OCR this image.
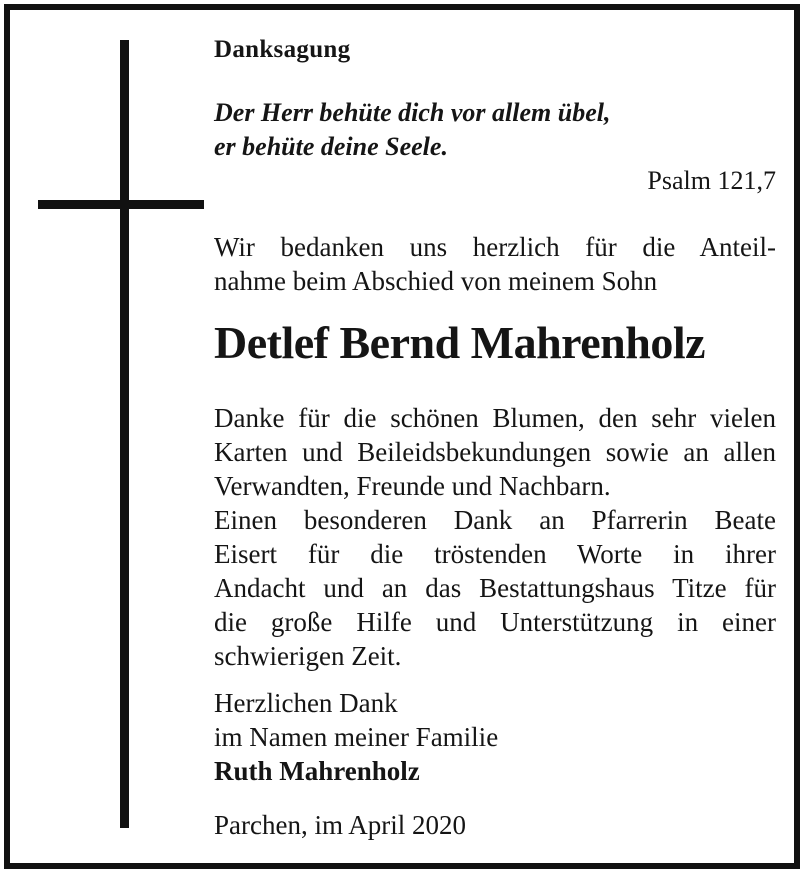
Danksagung
Der Herr behüte dich vor allem übel,
er behüte deine Seele.
Psalm 121,7
Wir bedanken uns herzlich für die Anteil-
nahme beim Abschied von meinem Sohn
Detlef Bernd Mahrenholz
Danke für die schönen Blumen, den sehr vielen
Karten und Beileidsbekundungen sowie an allen
Verwandten, Freunde und Nachbarn.
Einen besonderen Dank an Pfarrerin Beate
Eisert für die tröstenden Worte in ihrer
Andacht und an das Bestattungshaus Titze für
die große Hilfe und Unterstützung in einer
schwierigen Zeit.
Herzlichen Dank
im Namen meiner Familie
Ruth Mahrenholz
Parchen, im April 2020
